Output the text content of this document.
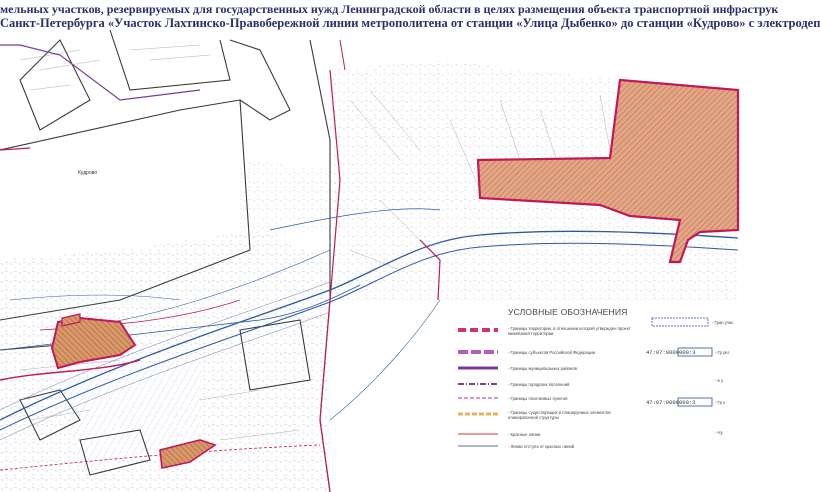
мельных участков, резервируемых для государственных нужд Ленинградской области в целях размещения объекта транспортной инфраструк
Санкт-Петербурга «Участок Лахтинско-Правобережной линии метрополитена от станции «Улица Дыбенко» до станции «Кудрово» с электродеп
Кудрово
УСЛОВНЫЕ ОБОЗНАЧЕНИЯ
- Границы территории, в отношении которой утвержден проект межевания территории
- Границы субъектов Российской Федерации
- Границы муниципальных районов
- Границы городских поселений
- Границы поселковых пунктов
- Границы существующих и планируемых элементов планировочной структуры
- Красные линии
- Линии отступа от красных линий
- Гран учас
47:07:0000000:3	- Гр рег
- в у
47:07:0000000:3	- Гр к
- Ну
